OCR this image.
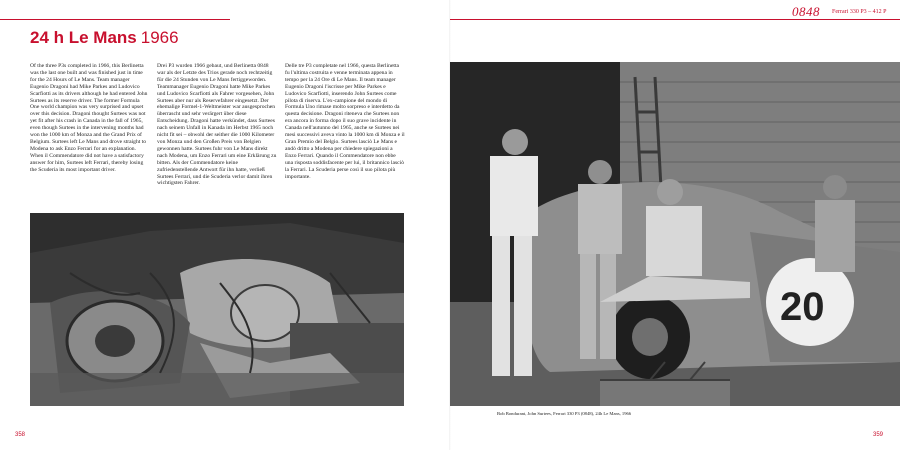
0848 Ferrari 330 P3 – 412 P
24 h Le Mans 1966

Of the three P3s completed in 1966, this Berlinetta was the last one built and was finished just in time for the 24 Hours of Le Mans. Team manager Eugenio Dragoni had Mike Parkes and Ludovico Scarfiotti as its drivers although he had entered John Surtees as its reserve driver. The former Formula One world champion was very surprised and upset over this decision. Dragoni thought Surtees was not yet fit after his crash in Canada in the fall of 1965, even though Surtees in the intervening months had won the 1000 km of Monza and the Grand Prix of Belgium. Surtees left Le Mans and drove straight to Modena to ask Enzo Ferrari for an explanation. When il Commendatore did not have a satisfactory answer for him, Surtees left Ferrari, thereby losing the Scuderia its most important driver.

Drei P3 wurden 1966 gebaut, und Berlinetta 0848 war als der Letzte des Trios gerade noch rechtzeitig für die 24 Stunden von Le Mans fertiggeworden. Teammanager Eugenio Dragoni hatte Mike Parkes und Ludovico Scarfiotti als Fahrer vorgesehen, John Surtees aber nur als Reservefahrer eingesetzt. Der ehemalige Formel-1-Weltmeister war ausgesprochen überrascht und sehr verärgert über diese Entscheidung. Dragoni hatte verkündet, dass Surtees nach seinem Unfall in Kanada im Herbst 1965 noch nicht fit sei – obwohl der seither die 1000 Kilometer von Monza und den Großen Preis von Belgien gewonnen hatte. Surtees fuhr von Le Mans direkt nach Modena, um Enzo Ferrari um eine Erklärung zu bitten. Als der Commendatore keine zufriedenstellende Antwort für ihn hatte, verließ Surtees Ferrari, und die Scuderia verlor damit ihren wichtigsten Fahrer.

Delle tre P3 completate nel 1966, questa Berlinetta fu l'ultima costruita e venne terminata appena in tempo per la 24 Ore di Le Mans. Il team manager Eugenio Dragoni l'iscrisse per Mike Parkes e Ludovico Scarfiotti, inserendo John Surtees come pilota di riserva. L'ex-campione del mondo di Formula Uno rimase molto sorpreso e interdetto da questa decisione. Dragoni riteneva che Surtees non era ancora in forma dopo il suo grave incidente in Canada nell'autunno del 1965, anche se Surtees nei mesi successivi aveva vinto la 1000 km di Monza e il Gran Premio del Belgio. Surtees lasciò Le Mans e andò dritto a Modena per chiedere spiegazioni a Enzo Ferrari. Quando il Commendatore non ebbe una risposta soddisfacente per lui, il britannico lasciò la Ferrari. La Scuderia perse così il suo pilota più importante.

20

Bob Bondurant, John Surtees, Ferrari 330 P3 (0848), 24h Le Mans, 1966

358	359
